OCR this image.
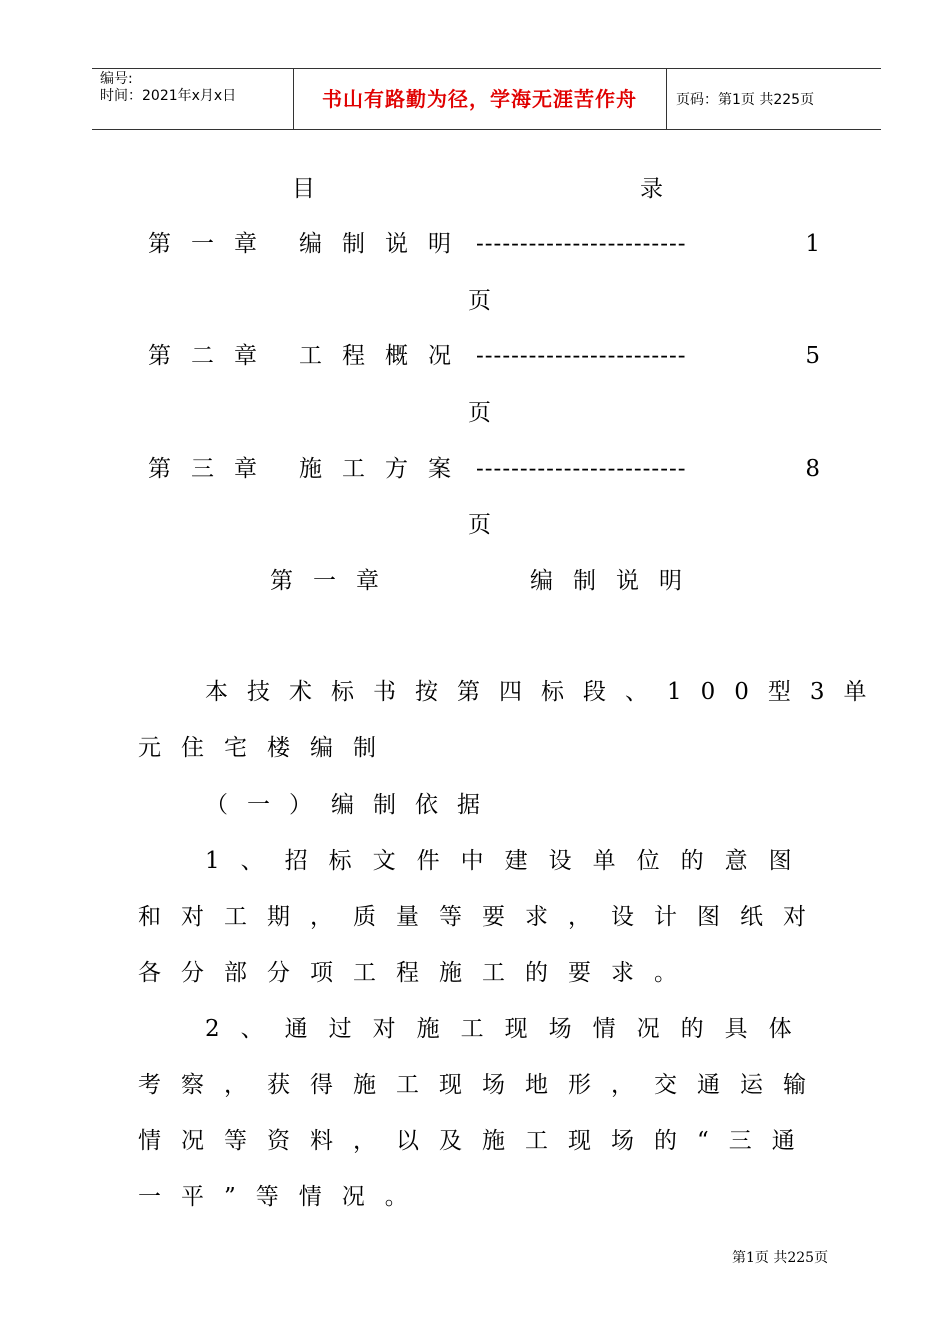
编号:
时间：2021年x月x日	书山有路勤为径，学海无涯苦作舟	页码：第1页 共225页
目	录
第一章 编制说明 ------------------------	1
页
第二章 工程概况 ------------------------	5
页
第三章 施工方案 ------------------------	8
页
第一章	编制说明
本技术标书按第四标段、100型3单
元住宅楼编制
（一）编制依据
1、招标文件中建设单位的意图
和对工期，质量等要求，设计图纸对
各分部分项工程施工的要求。
2、通过对施工现场情况的具体
考察，获得施工现场地形，交通运输
情况等资料，以及施工现场的“三通
一平”等情况。
第1页 共225页
